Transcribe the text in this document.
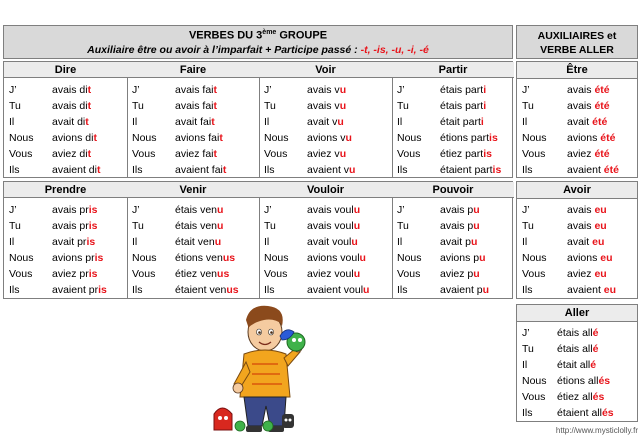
VERBES DU 3ème GROUPE
Auxiliaire être ou avoir à l’imparfait + Participe passé : -t, -is, -u, -i, -é
AUXILIAIRES et
VERBE ALLER
Dire
J’	avais dit
Tu	avais dit
Il	avait dit
Nous avions dit
Vous aviez dit
Ils	avaient dit
Faire
J’	avais fait
Tu	avais fait
Il	avait fait
Nous avions fait
Vous aviez fait
Ils	avaient fait
Voir
J’	avais vu
Tu	avais vu
Il	avait vu
Nous avions vu
Vous aviez vu
Ils	avaient vu
Partir
J’	étais parti
Tu	étais parti
Il	était parti
Nous étions partis
Vous étiez partis
Ils	étaient partis
Prendre
J’	avais pris
Tu	avais pris
Il	avait pris
Nous avions pris
Vous aviez pris
Ils	avaient pris
Venir
J’	étais venu
Tu	étais venu
Il	était venu
Nous étions venus
Vous étiez venus
Ils	étaient venus
Vouloir
J’	avais voulu
Tu	avais voulu
Il	avait voulu
Nous avions voulu
Vous aviez voulu
Ils	avaient voulu
Pouvoir
J’	avais pu
Tu	avais pu
Il	avait pu
Nous avions pu
Vous aviez pu
Ils	avaient pu
Être
J’	avais été
Tu	avais été
Il	avait été
Nous avions été
Vous aviez été
Ils	avaient été
Avoir
J’	avais eu
Tu	avais eu
Il	avait eu
Nous avions eu
Vous aviez eu
Ils	avaient eu
Aller
J’	étais allé
Tu étais allé
Il	était allé
Nous étions allés
Vous étiez allés
Ils étaient allés
http://www.mysticlolly.fr
